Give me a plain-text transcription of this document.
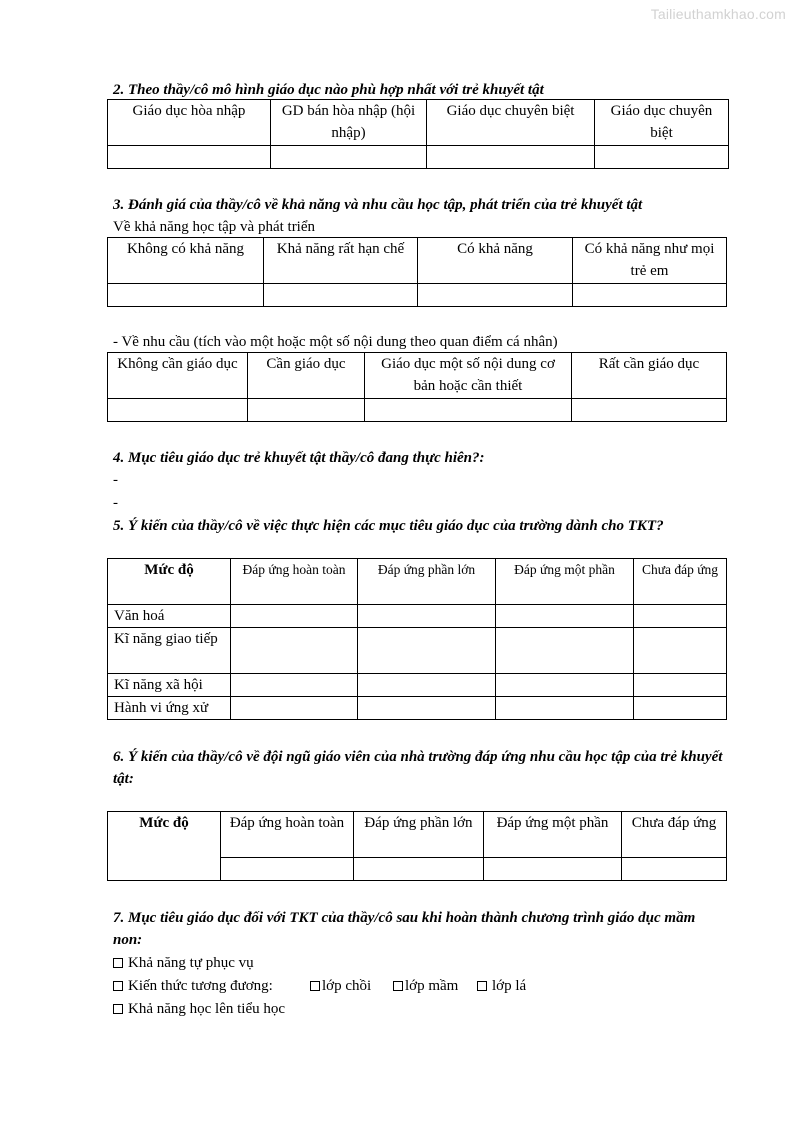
Tailieuthamkhao.com
2. Theo thầy/cô mô hình giáo dục nào phù hợp nhất với trẻ khuyết tật
Giáo dục hòa nhập	GD bán hòa nhập (hội nhập)	Giáo dục chuyên biệt	Giáo dục chuyên biệt

3. Đánh giá của thầy/cô về khả năng và nhu cầu học tập, phát triển của trẻ khuyết tật
Về khả năng học tập và phát triển
Không có khả năng	Khả năng rất hạn chế	Có khả năng	Có khả năng như mọi trẻ em

- Về nhu cầu (tích vào một hoặc một số nội dung theo quan điểm cá nhân)
Không cần giáo dục	Cần giáo dục	Giáo dục một số nội dung cơ bản hoặc cần thiết	Rất cần giáo dục

4. Mục tiêu giáo dục trẻ khuyết tật thầy/cô đang thực hiên?:
-
-
5. Ý kiến của thầy/cô về việc thực hiện các mục tiêu giáo dục của trường dành cho TKT?
Mức độ	Đáp ứng hoàn toàn	Đáp ứng phần lớn	Đáp ứng một phần	Chưa đáp ứng
Văn hoá				
Kĩ năng giao tiếp				
Kĩ năng xã hội				
Hành vi ứng xử				
6. Ý kiến của thầy/cô về đội ngũ giáo viên của nhà trường đáp ứng nhu cầu học tập của trẻ khuyết tật:
Mức độ	Đáp ứng hoàn toàn	Đáp ứng phần lớn	Đáp ứng một phần	Chưa đáp ứng

7. Mục tiêu giáo dục đối với TKT của thầy/cô sau khi hoàn thành chương trình giáo dục mầm non:
Khả năng tự phục vụ
Kiến thức tương đương:	lớp chồi	lớp mầm	lớp lá
Khả năng học lên tiểu học
